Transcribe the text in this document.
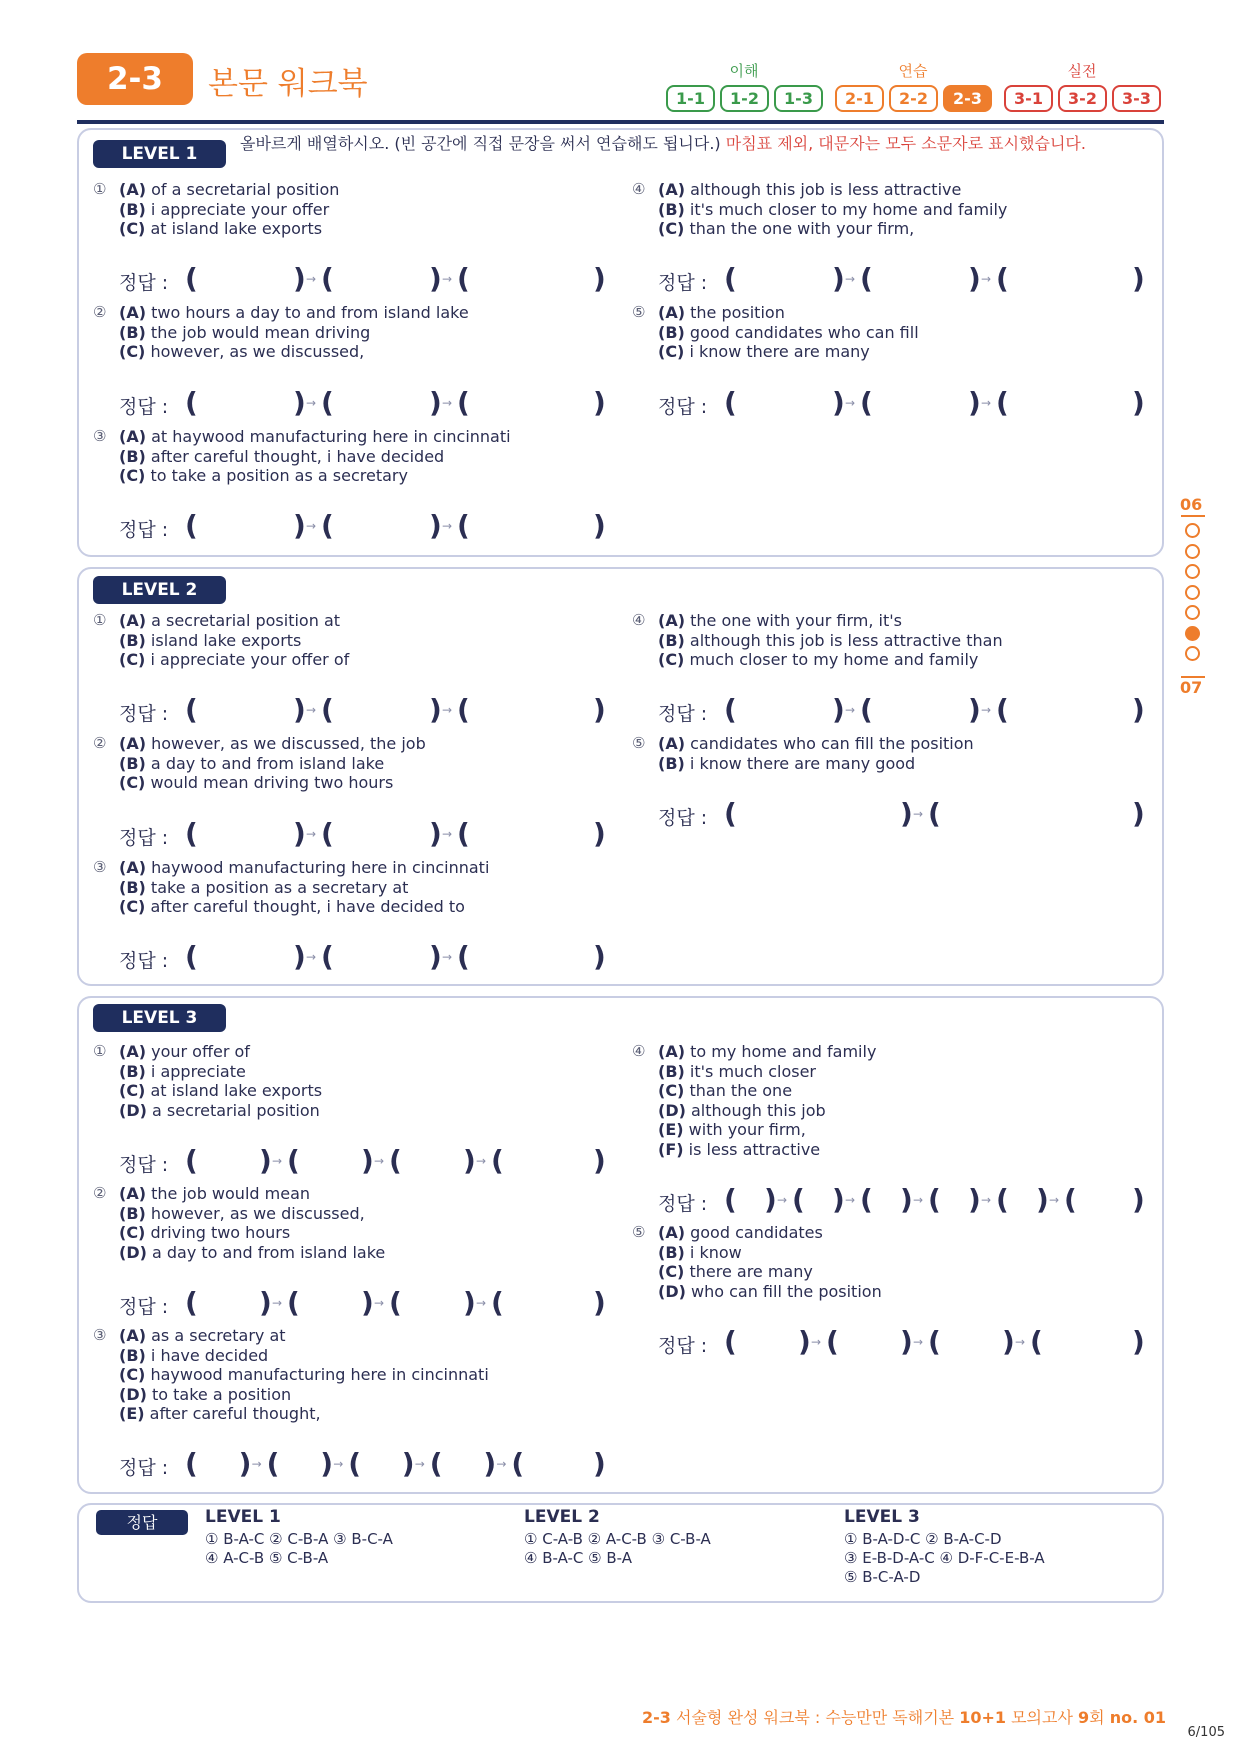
2-3	본문 워크북	이해	연습	실전
1-1	1-2	1-3	2-1	2-2	2-3	3-1	3-2	3-3
LEVEL 1
LEVEL 2
LEVEL 3
올바르게 배열하시오. (빈 공간에 직접 문장을 써서 연습해도 됩니다.) 마침표 제외, 대문자는 모두 소문자로 표시했습니다.
① (A) of a secretarial position
(B) i appreciate your offer
(C) at island lake exports
정답 : (	) → (	) → (	)
② (A) two hours a day to and from island lake
(B) the job would mean driving
(C) however, as we discussed,
정답 : (	) → (	) → (	)
③ (A) at haywood manufacturing here in cincinnati
(B) after careful thought, i have decided
(C) to take a position as a secretary
정답 : (	) → (	) → (	)
④ (A) although this job is less attractive
(B) it's much closer to my home and family
(C) than the one with your firm,
정답 : (	) → (	) → (	)
⑤ (A) the position
(B) good candidates who can fill
(C) i know there are many
정답 : (	) → (	) → (	)
① (A) a secretarial position at
(B) island lake exports
(C) i appreciate your offer of
정답 : (	) → (	) → (	)
② (A) however, as we discussed, the job
(B) a day to and from island lake
(C) would mean driving two hours
정답 : (	) → (	) → (	)
③ (A) haywood manufacturing here in cincinnati
(B) take a position as a secretary at
(C) after careful thought, i have decided to
정답 : (	) → (	) → (	)
④ (A) the one with your firm, it's
(B) although this job is less attractive than
(C) much closer to my home and family
정답 : (	) → (	) → (	)
⑤ (A) candidates who can fill the position
(B) i know there are many good
정답 : (	) → (	)
① (A) your offer of
(B) i appreciate
(C) at island lake exports
(D) a secretarial position
정답 : ( ) → ( ) → ( ) → (	)
② (A) the job would mean
(B) however, as we discussed,
(C) driving two hours
(D) a day to and from island lake
정답 : ( ) → ( ) → ( ) → (	)
③ (A) as a secretary at
(B) i have decided
(C) haywood manufacturing here in cincinnati
(D) to take a position
(E) after careful thought,
정답 : ( ) → ( ) → ( ) → ( ) → ( )
④ (A) to my home and family
(B) it's much closer
(C) than the one
(D) although this job
(E) with your firm,
(F) is less attractive
정답 : ( ) → ( ) → ( ) → ( ) → ( ) → ( )
⑤ (A) good candidates
(B) i know
(C) there are many
(D) who can fill the position
정답 : ( ) → ( ) → ( ) → (	)
정답	LEVEL 1
① B-A-C ② C-B-A ③ B-C-A
④ A-C-B ⑤ C-B-A
LEVEL 2
① C-A-B ② A-C-B ③ C-B-A
④ B-A-C ⑤ B-A
LEVEL 3
① B-A-D-C ② B-A-C-D
③ E-B-D-A-C ④ D-F-C-E-B-A
⑤ B-C-A-D
06
07
2-3 서술형 완성 워크북 : 수능만만 독해기본 10+1 모의고사 9회 no. 01
6/105
